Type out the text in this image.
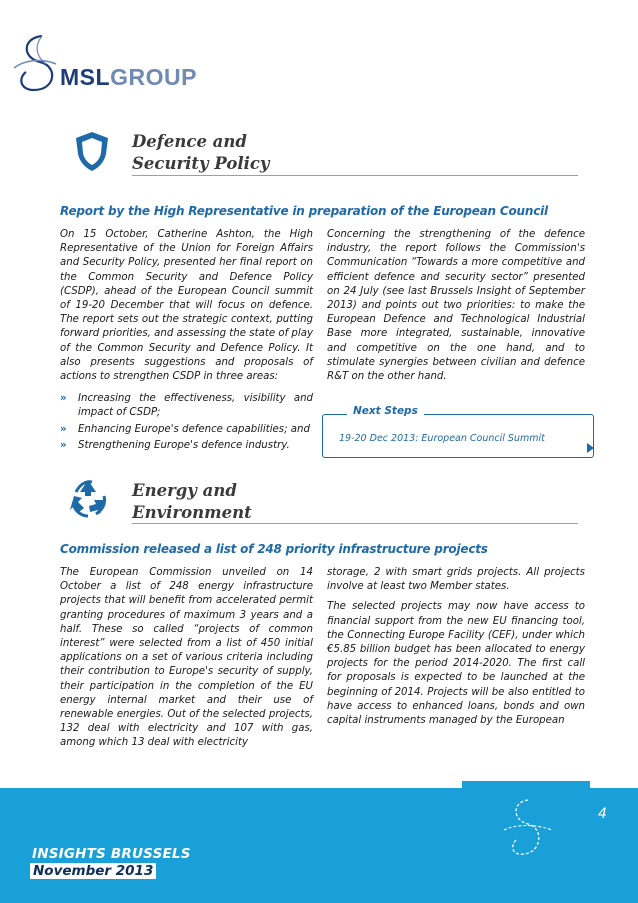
MSLGROUP
Defence and
Security Policy
Report by the High Representative in preparation of the European Council

On 15 October, Catherine Ashton, the High Representative of the Union for Foreign Affairs and Security Policy, presented her final report on the Common Security and Defence Policy (CSDP), ahead of the European Council summit of 19-20 December that will focus on defence. The report sets out the strategic context, putting forward priorities, and assessing the state of play of the Common Security and Defence Policy. It also presents suggestions and proposals of actions to strengthen CSDP in three areas:

» Increasing the effectiveness, visibility and impact of CSDP;
» Enhancing Europe's defence capabilities; and
» Strengthening Europe's defence industry.

Concerning the strengthening of the defence industry, the report follows the Commission's Communication “Towards a more competitive and efficient defence and security sector” presented on 24 July (see last Brussels Insight of September 2013) and points out two priorities: to make the European Defence and Technological Industrial Base more integrated, sustainable, innovative and competitive on the one hand, and to stimulate synergies between civilian and defence R&T on the other hand.

Next Steps
19-20 Dec 2013: European Council Summit
Energy and
Environment
Commission released a list of 248 priority infrastructure projects

The European Commission unveiled on 14 October a list of 248 energy infrastructure projects that will benefit from accelerated permit granting procedures of maximum 3 years and a half. These so called “projects of common interest” were selected from a list of 450 initial applications on a set of various criteria including their contribution to Europe's security of supply, their participation in the completion of the EU energy internal market and their use of renewable energies. Out of the selected projects, 132 deal with electricity and 107 with gas, among which 13 deal with electricity

storage, 2 with smart grids projects. All projects involve at least two Member states.

The selected projects may now have access to financial support from the new EU financing tool, the Connecting Europe Facility (CEF), under which €5.85 billion budget has been allocated to energy projects for the period 2014-2020. The first call for proposals is expected to be launched at the beginning of 2014. Projects will be also entitled to have access to enhanced loans, bonds and own capital instruments managed by the European

4
INSIGHTS BRUSSELS
November 2013
